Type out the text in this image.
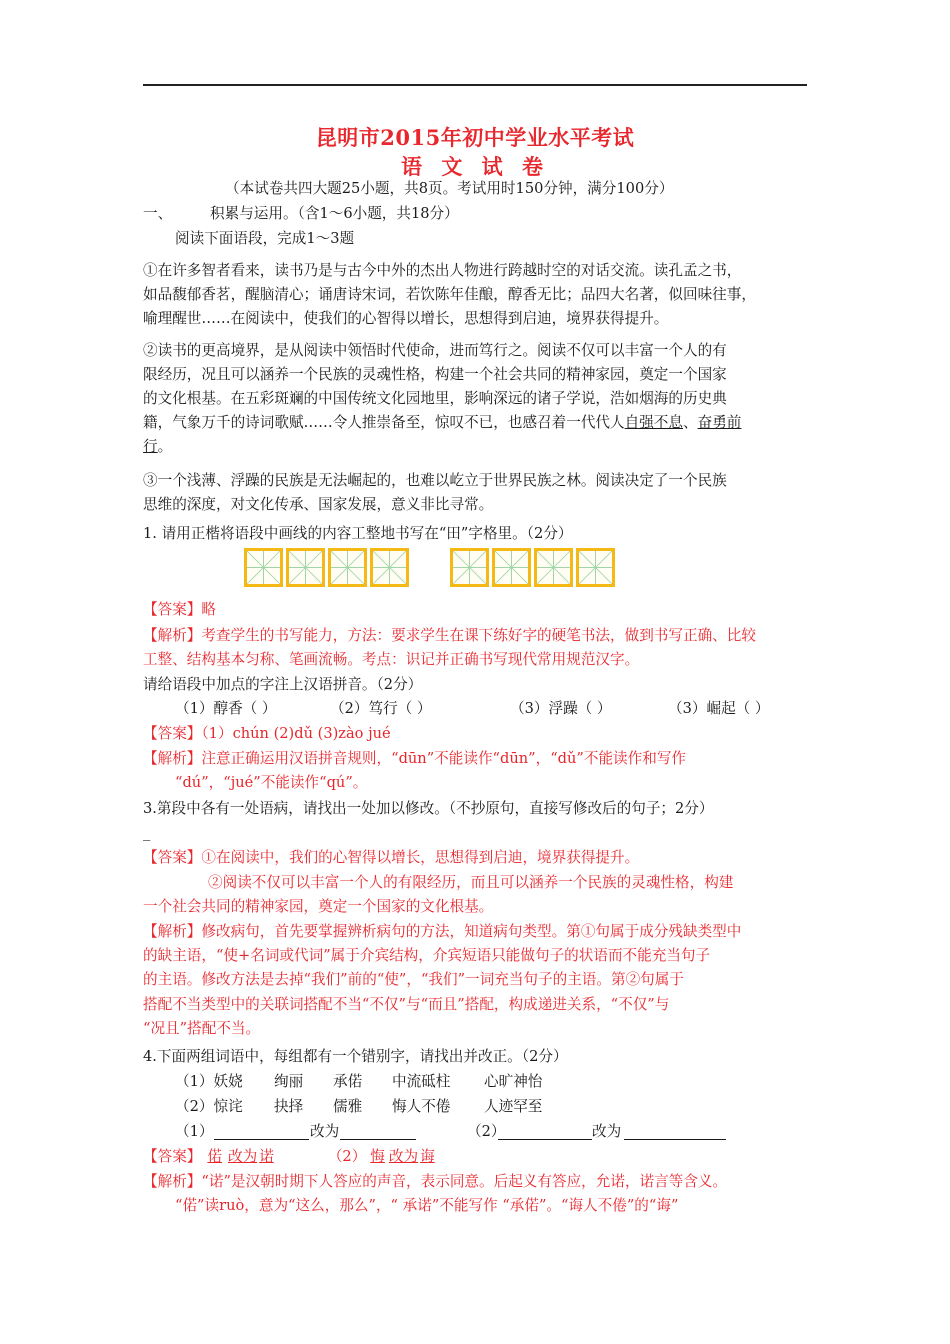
昆明市2015年初中学业水平考试
语 文 试 卷
（本试卷共四大题25小题，共8页。考试用时150分钟，满分100分）
一、	积累与运用。（含1～6小题，共18分）
阅读下面语段，完成1～3题
①在许多智者看来，读书乃是与古今中外的杰出人物进行跨越时空的对话交流。读孔孟之书，
如品馥郁香茗，醒脑清心；诵唐诗宋词，若饮陈年佳酿，醇香无比；品四大名著，似回味往事，
喻理醒世……在阅读中，使我们的心智得以增长，思想得到启迪，境界获得提升。
②读书的更高境界，是从阅读中领悟时代使命，进而笃行之。阅读不仅可以丰富一个人的有
限经历，况且可以涵养一个民族的灵魂性格，构建一个社会共同的精神家园，奠定一个国家
的文化根基。在五彩斑斓的中国传统文化园地里，影响深远的诸子学说，浩如烟海的历史典
籍，气象万千的诗词歌赋……令人推崇备至，惊叹不已，也感召着一代代人自强不息、奋勇前
行。
③一个浅薄、浮躁的民族是无法崛起的，也难以屹立于世界民族之林。阅读决定了一个民族
思维的深度，对文化传承、国家发展，意义非比寻常。
1. 请用正楷将语段中画线的内容工整地书写在“田”字格里。（2分）
【答案】略
【解析】考查学生的书写能力，方法：要求学生在课下练好字的硬笔书法，做到书写正确、比较
工整、结构基本匀称、笔画流畅。考点：识记并正确书写现代常用规范汉字。
请给语段中加点的字注上汉语拼音。（2分）
（1）醇香（ ）	（2）笃行（ ）	（3）浮躁（ ）	（3）崛起（ ）
【答案】（1）chún (2)dǔ (3)zào jué
【解析】注意正确运用汉语拼音规则，“dūn”不能读作“dūn”，“dǔ”不能读作和写作
“dú”，“jué”不能读作“qú”。
3.第段中各有一处语病，请找出一处加以修改。（不抄原句，直接写修改后的句子；2分）
_
【答案】①在阅读中，我们的心智得以增长，思想得到启迪，境界获得提升。
②阅读不仅可以丰富一个人的有限经历，而且可以涵养一个民族的灵魂性格，构建
一个社会共同的精神家园，奠定一个国家的文化根基。
【解析】修改病句，首先要掌握辨析病句的方法，知道病句类型。第①句属于成分残缺类型中
的缺主语，“使+名词或代词”属于介宾结构，介宾短语只能做句子的状语而不能充当句子
的主语。修改方法是去掉“我们”前的“使”，“我们”一词充当句子的主语。第②句属于
搭配不当类型中的关联词搭配不当“不仅”与“而且”搭配，构成递进关系，“不仅”与
“况且”搭配不当。
4.下面两组词语中，每组都有一个错别字，请找出并改正。（2分）
（1）妖娆 绚丽 承偌 中流砥柱 心旷神怡
（2）惊诧 抉择 儒雅 悔人不倦 人迹罕至
（1）	改为	（2）	改为
【答案】 偌 改为 诺	（2） 悔 改为 诲
【解析】“诺”是汉朝时期下人答应的声音，表示同意。后起义有答应，允诺，诺言等含义。
“偌”读ruò，意为“这么，那么”，“ 承诺”不能写作 “承偌”。“诲人不倦”的“诲”
